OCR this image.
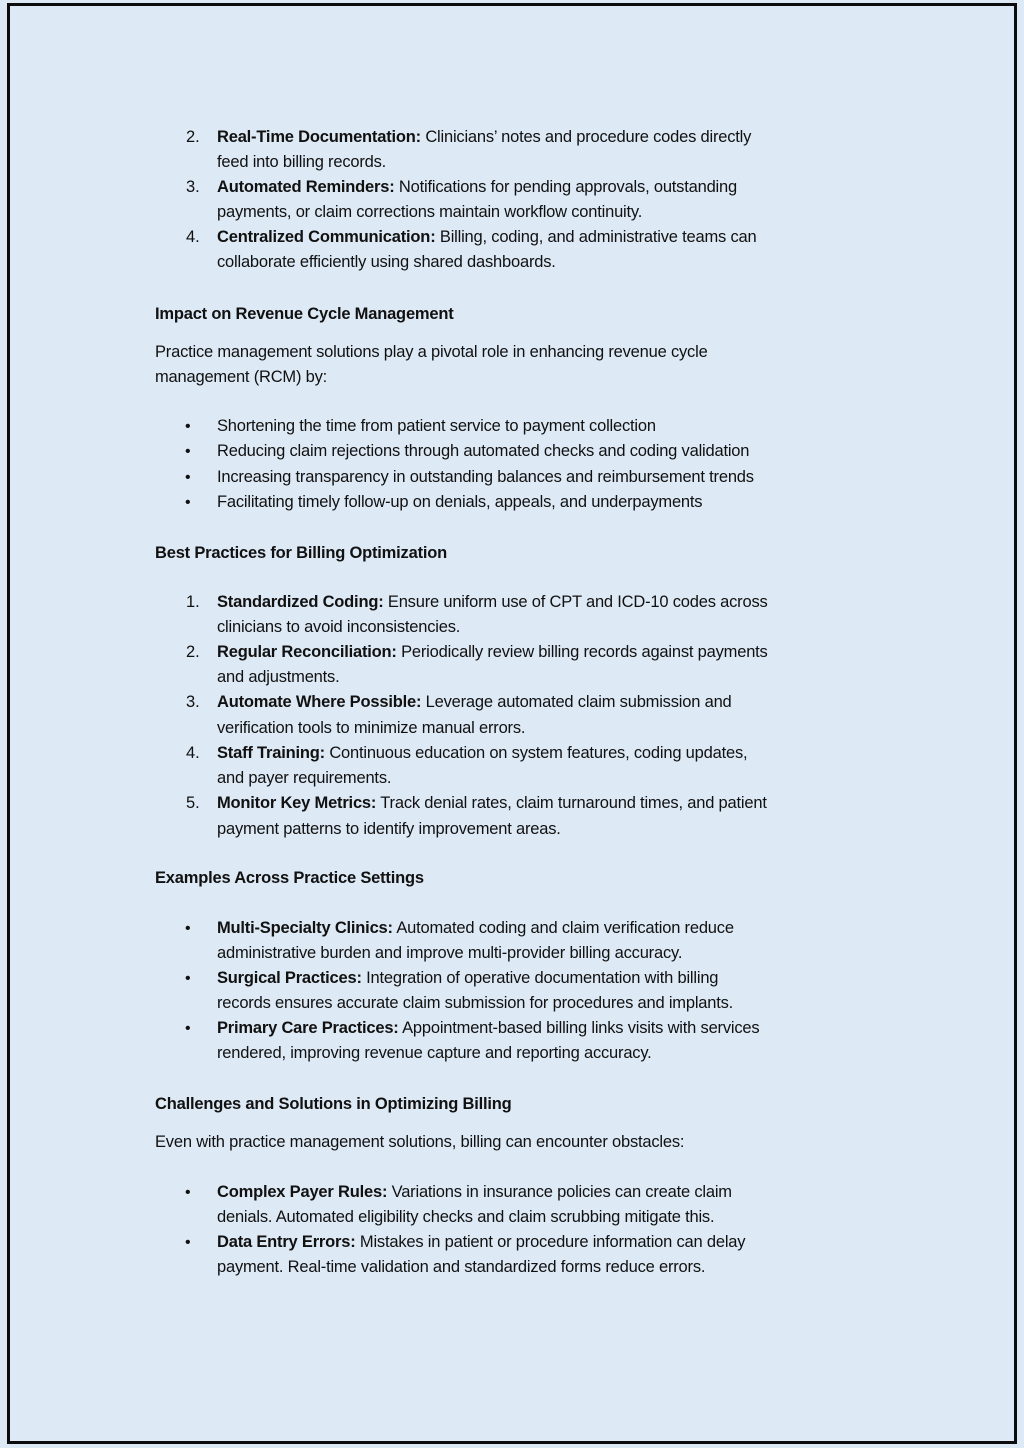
2. Real-Time Documentation: Clinicians’ notes and procedure codes directly
feed into billing records.
3. Automated Reminders: Notifications for pending approvals, outstanding
payments, or claim corrections maintain workflow continuity.
4. Centralized Communication: Billing, coding, and administrative teams can
collaborate efficiently using shared dashboards.
Impact on Revenue Cycle Management
Practice management solutions play a pivotal role in enhancing revenue cycle
management (RCM) by:
• Shortening the time from patient service to payment collection
• Reducing claim rejections through automated checks and coding validation
• Increasing transparency in outstanding balances and reimbursement trends
• Facilitating timely follow-up on denials, appeals, and underpayments
Best Practices for Billing Optimization
1. Standardized Coding: Ensure uniform use of CPT and ICD-10 codes across
clinicians to avoid inconsistencies.
2. Regular Reconciliation: Periodically review billing records against payments
and adjustments.
3. Automate Where Possible: Leverage automated claim submission and
verification tools to minimize manual errors.
4. Staff Training: Continuous education on system features, coding updates,
and payer requirements.
5. Monitor Key Metrics: Track denial rates, claim turnaround times, and patient
payment patterns to identify improvement areas.
Examples Across Practice Settings
• Multi-Specialty Clinics: Automated coding and claim verification reduce
administrative burden and improve multi-provider billing accuracy.
• Surgical Practices: Integration of operative documentation with billing
records ensures accurate claim submission for procedures and implants.
• Primary Care Practices: Appointment-based billing links visits with services
rendered, improving revenue capture and reporting accuracy.
Challenges and Solutions in Optimizing Billing
Even with practice management solutions, billing can encounter obstacles:
• Complex Payer Rules: Variations in insurance policies can create claim
denials. Automated eligibility checks and claim scrubbing mitigate this.
• Data Entry Errors: Mistakes in patient or procedure information can delay
payment. Real-time validation and standardized forms reduce errors.
